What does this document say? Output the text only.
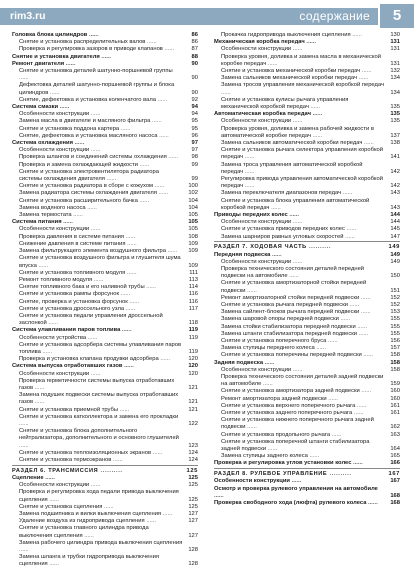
rim3.ru	содержание	5
Головка блока цилиндров ......	86
Снятие и установка распределительных валов ......	86
Проверка и регулировка зазоров в приводе клапанов ......	87
Снятие и установка двигателя ......	88
Ремонт двигателя ......	90
Снятие и установка деталей шатунно-поршневой группы ......	90
Дефектовка деталей шатунно-поршневой группы и блока цилиндров ......	90
Снятие, дефектовка и установка коленчатого вала ......	92
Система смазки ......	94
Особенности конструкции ......	94
Замена масла в двигателе и масляного фильтра ......	95
Снятие и установка поддона картера ......	95
Снятие, дефектовка и установка масляного насоса ......	96
Система охлаждения ......	97
Особенности конструкции ......	97
Проверка шлангов и соединений системы охлаждения ...... 98
Проверка и замена охлаждающей жидкости ......	99
Снятие и установка электровентилятора радиатора системы охлаждения двигателя ......	99
Снятие и установка радиатора в сборе с кожухом ......	100
Замена радиатора системы охлаждения двигателя ......	102
Снятие и установка расширительного бачка ......	104
Замена водяного насоса ......	104
Замена термостата ......	105
Система питания ......	105
Особенности конструкции ......	105
Проверка давления в системе питания ......	108
Снижение давления в системе питания ......	109
Замена фильтрующего элемента воздушного фильтра ...... 109
Снятие и установка воздушного фильтра и глушителя шума впуска ......	109
Снятие и установка топливного модуля ......	111
Ремонт топливного модуля ......	113
Снятие топливного бака и его наливной трубы ......	114
Снятие и установка рампы форсунок ......	116
Снятие, проверка и установка форсунок ......	116
Снятие и установка дроссельного узла ......	117
Снятие и установка педали управления дроссельной заслонкой ......	118
Система улавливания паров топлива ......	119
Особенности устройства ......	119
Снятие и установка адсорбера системы улавливания паров топлива ......	119
Проверка и установка клапана продувки адсорбера ......	120
Система выпуска отработавших газов ......	120
Особенности конструкции ......	120
Проверка герметичности системы выпуска отработавших газов ......	121
Замена подушек подвески системы выпуска отработавших газов ......	121
Снятие и установка приемной трубы ......	121
Снятие и установка катколлектора и замена его прокладки ......	122
Снятие и установка блока дополнительного нейтрализатора, дополнительного и основного глушителей ......	123
Снятие и установка теплоизоляционных экранов ......	124
Снятие и установка термоэкранов ......	124
РАЗДЕЛ 6. ТРАНСМИССИЯ ..........	125
Сцепление ......	125
Особенности конструкции ......	125
Проверка и регулировка хода педали привода выключения сцепления ......	125
Снятие и установка сцепления ......	125
Замена подшипника и вилки выключения сцепления ......	127
Удаление воздуха из гидропривода сцепления ......	127
Снятие и установка главного цилиндра привода выключения сцепления ......	127
Замена рабочего цилиндра привода выключения сцепления ......	128
Замена шланга и трубки гидропривода выключения сцепления ......	128
Прокачка гидропривода выключения сцепления ......	130
Механическая коробка передач ......	131
Особенности конструкции ......	131
Проверка уровня, доливка и замена масла в механической коробке передач ......	131
Снятие и установка механической коробки передач ......	132
Замена сальников механической коробки передач ......	134
Замена тросов управления механической коробкой передач ......	134
Снятие и установка кулисы рычага управления механической коробкой передач ......	135
Автоматическая коробка передач ......	135
Особенности конструкции ......	135
Проверка уровня, доливка и замена рабочей жидкости в автоматической коробке передач ......	137
Замена сальников автоматической коробки передач ......	138
Снятие и установка рычага селектора управления коробкой передач ......	141
Замена троса управления автоматической коробкой передач ......	142
Регулировка привода управления автоматической коробкой передач ......	142
Замена переключателя диапазонов передач ......	143
Снятие и установка блока управления автоматической коробкой передач ......	143
Приводы передних колес ......	144
Особенности конструкции ......	144
Снятие и установка приводов передних колес ......	145
Замена шарниров равных угловых скоростей ......	147
РАЗДЕЛ 7. ХОДОВАЯ ЧАСТЬ ..........	149
Передняя подвеска ......	149
Особенности конструкции ......	149
Проверка технического состояния деталей передней подвески на автомобиле ......	150
Снятие и установка амортизаторной стойки передней подвески ......	151
Ремонт амортизаторной стойки передней подвески ......	152
Снятие и установка рычага передней подвески ......	152
Замена сайлент-блоков рычага передней подвески ......	153
Замена шаровой опоры передней подвески ......	155
Замена стойки стабилизатора передней подвески ......	155
Замена штанги стабилизатора передней подвески ......	155
Снятие и установка поперечного бруса ......	156
Замена ступицы переднего колеса ......	157
Снятие и установка поперечины передней подвески ......	158
Задняя подвеска ......	158
Особенности конструкции ......	158
Проверка технического состояния деталей задней подвески на автомобиле ......	159
Снятие и установка амортизатора задней подвески ......	160
Ремонт амортизатора задней подвески ......	160
Снятие и установка верхнего поперечного рычага ......	161
Снятие и установка заднего поперечного рычага ......	161
Снятие и установка нижнего поперечного рычага задней подвески ......	162
Снятие и установка продольного рычага ......	163
Снятие и установка поперечной штанги стабилизатора задней подвески ......	164
Замена ступицы заднего колеса ......	165
Проверка и регулировка углов установки колес ......	166
РАЗДЕЛ 8. РУЛЕВОЕ УПРАВЛЕНИЕ ..........	167
Особенности конструкции ......	167
Осмотр и проверка рулевого управления на автомобиле ......	168
Проверка свободного хода (люфта) рулевого колеса ...... 168
